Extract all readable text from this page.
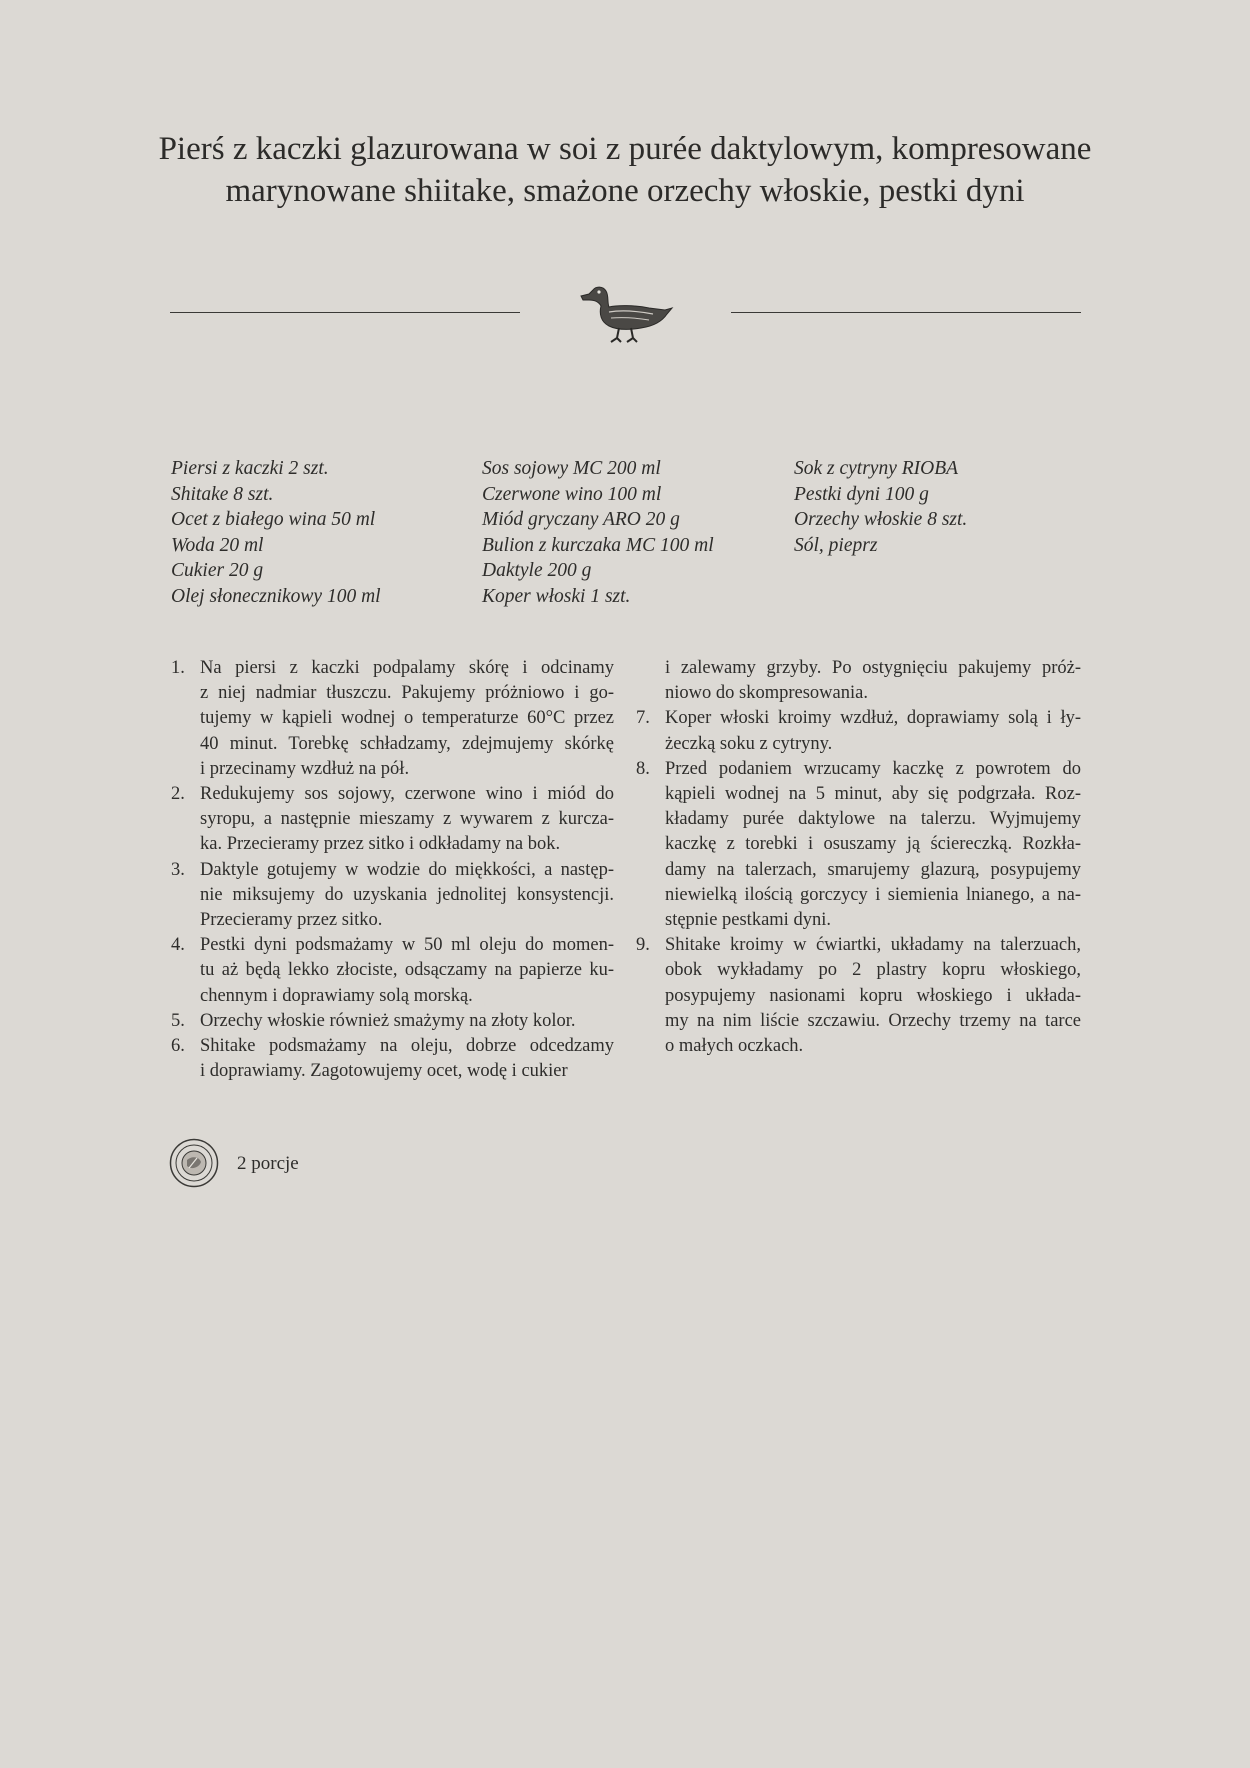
Pierś z kaczki glazurowana w soi z purée daktylowym, kompresowane
marynowane shiitake, smażone orzechy włoskie, pestki dyni
Piersi z kaczki 2 szt.
Shitake 8 szt.
Ocet z białego wina 50 ml
Woda 20 ml
Cukier 20 g
Olej słonecznikowy 100 ml
Sos sojowy MC 200 ml
Czerwone wino 100 ml
Miód gryczany ARO 20 g
Bulion z kurczaka MC 100 ml
Daktyle 200 g
Koper włoski 1 szt.
Sok z cytryny RIOBA
Pestki dyni 100 g
Orzechy włoskie 8 szt.
Sól, pieprz
1. Na piersi z kaczki podpalamy skórę i odcinamy
z niej nadmiar tłuszczu. Pakujemy próżniowo i go-
tujemy w kąpieli wodnej o temperaturze 60°C przez
40 minut. Torebkę schładzamy, zdejmujemy skórkę
i przecinamy wzdłuż na pół.
2. Redukujemy sos sojowy, czerwone wino i miód do
syropu, a następnie mieszamy z wywarem z kurcza-
ka. Przecieramy przez sitko i odkładamy na bok.
3. Daktyle gotujemy w wodzie do miękkości, a następ-
nie miksujemy do uzyskania jednolitej konsystencji.
Przecieramy przez sitko.
4. Pestki dyni podsmażamy w 50 ml oleju do momen-
tu aż będą lekko złociste, odsączamy na papierze ku-
chennym i doprawiamy solą morską.
5. Orzechy włoskie również smażymy na złoty kolor.
6. Shitake podsmażamy na oleju, dobrze odcedzamy
i doprawiamy. Zagotowujemy ocet, wodę i cukier
i zalewamy grzyby. Po ostygnięciu pakujemy próż-
niowo do skompresowania.
7. Koper włoski kroimy wzdłuż, doprawiamy solą i ły-
żeczką soku z cytryny.
8. Przed podaniem wrzucamy kaczkę z powrotem do
kąpieli wodnej na 5 minut, aby się podgrzała. Roz-
kładamy purée daktylowe na talerzu. Wyjmujemy
kaczkę z torebki i osuszamy ją ściereczką. Rozkła-
damy na talerzach, smarujemy glazurą, posypujemy
niewielką ilością gorczycy i siemienia lnianego, a na-
stępnie pestkami dyni.
9. Shitake kroimy w ćwiartki, układamy na talerzuach,
obok wykładamy po 2 plastry kopru włoskiego,
posypujemy nasionami kopru włoskiego i układa-
my na nim liście szczawiu. Orzechy trzemy na tarce
o małych oczkach.
2 porcje
